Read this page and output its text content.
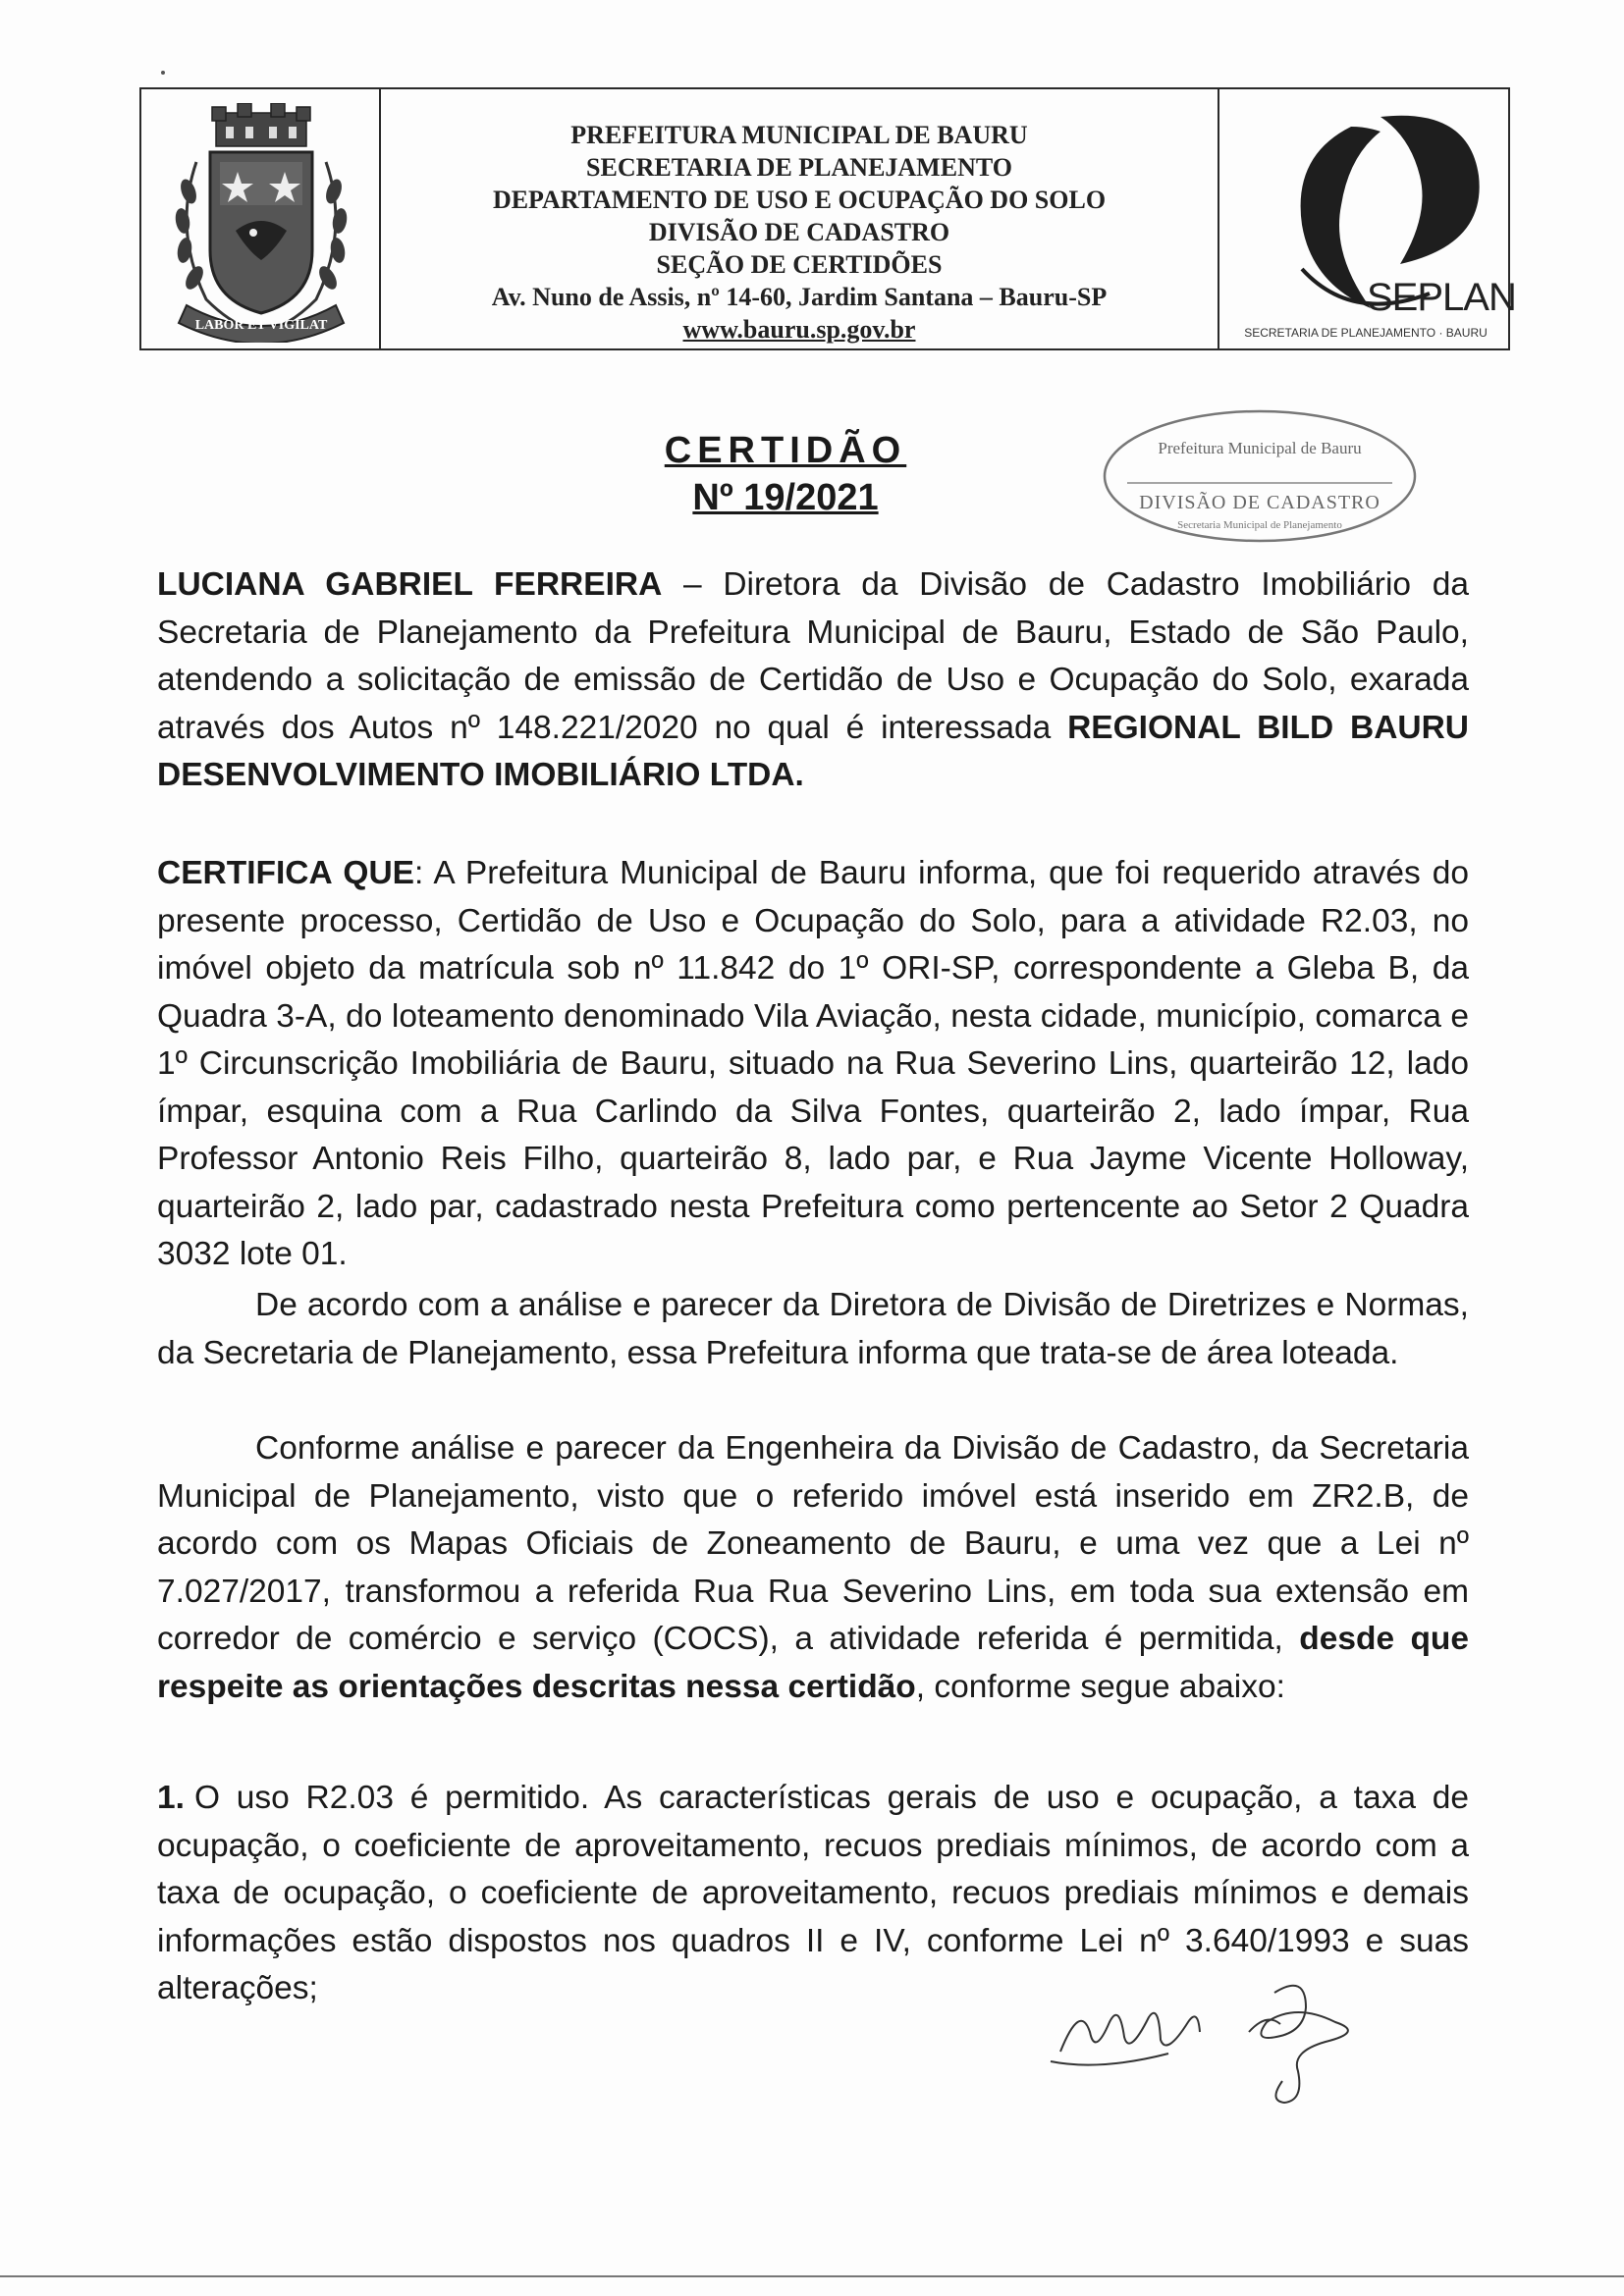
LABOR ET VIGILAT
PREFEITURA MUNICIPAL DE BAURU
SECRETARIA DE PLANEJAMENTO
DEPARTAMENTO DE USO E OCUPAÇÃO DO SOLO
DIVISÃO DE CADASTRO
SEÇÃO DE CERTIDÕES
Av. Nuno de Assis, nº 14-60, Jardim Santana – Bauru-SP
www.bauru.sp.gov.br
SEPLAN
SECRETARIA DE PLANEJAMENTO · BAURU
CERTIDÃO
Nº 19/2021
Prefeitura Municipal de Bauru
DIVISÃO DE CADASTRO
Secretaria Municipal de Planejamento
LUCIANA GABRIEL FERREIRA – Diretora da Divisão de Cadastro Imobiliário da Secretaria de Planejamento da Prefeitura Municipal de Bauru, Estado de São Paulo, atendendo a solicitação de emissão de Certidão de Uso e Ocupação do Solo, exarada através dos Autos nº 148.221/2020 no qual é interessada REGIONAL BILD BAURU DESENVOLVIMENTO IMOBILIÁRIO LTDA.
CERTIFICA QUE: A Prefeitura Municipal de Bauru informa, que foi requerido através do presente processo, Certidão de Uso e Ocupação do Solo, para a atividade R2.03, no imóvel objeto da matrícula sob nº 11.842 do 1º ORI-SP, correspondente a Gleba B, da Quadra 3-A, do loteamento denominado Vila Aviação, nesta cidade, município, comarca e 1º Circunscrição Imobiliária de Bauru, situado na Rua Severino Lins, quarteirão 12, lado ímpar, esquina com a Rua Carlindo da Silva Fontes, quarteirão 2, lado ímpar, Rua Professor Antonio Reis Filho, quarteirão 8, lado par, e Rua Jayme Vicente Holloway, quarteirão 2, lado par, cadastrado nesta Prefeitura como pertencente ao Setor 2 Quadra 3032 lote 01.
De acordo com a análise e parecer da Diretora de Divisão de Diretrizes e Normas, da Secretaria de Planejamento, essa Prefeitura informa que trata-se de área loteada.
Conforme análise e parecer da Engenheira da Divisão de Cadastro, da Secretaria Municipal de Planejamento, visto que o referido imóvel está inserido em ZR2.B, de acordo com os Mapas Oficiais de Zoneamento de Bauru, e uma vez que a Lei nº 7.027/2017, transformou a referida Rua Rua Severino Lins, em toda sua extensão em corredor de comércio e serviço (COCS), a atividade referida é permitida, desde que respeite as orientações descritas nessa certidão, conforme segue abaixo:
1. O uso R2.03 é permitido. As características gerais de uso e ocupação, a taxa de ocupação, o coeficiente de aproveitamento, recuos prediais mínimos, de acordo com a taxa de ocupação, o coeficiente de aproveitamento, recuos prediais mínimos e demais informações estão dispostos nos quadros II e IV, conforme Lei nº 3.640/1993 e suas alterações;
